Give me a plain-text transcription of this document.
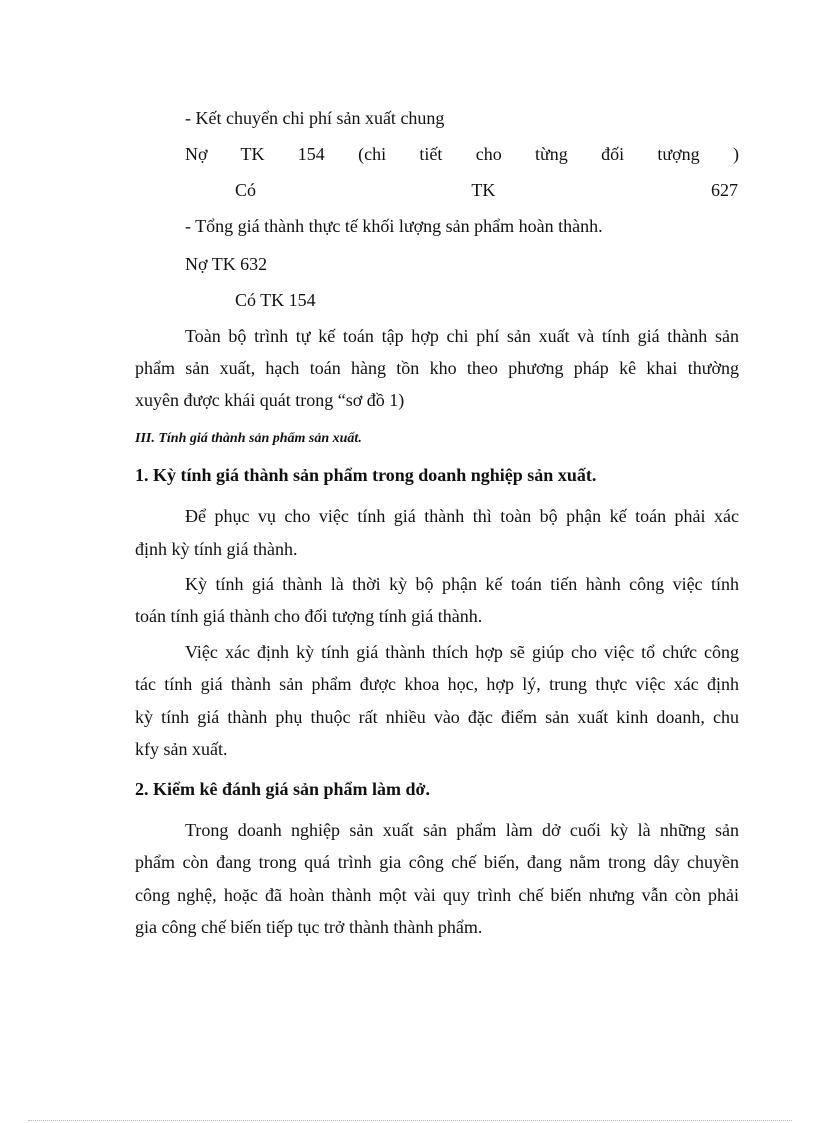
- Kết chuyển chi phí sản xuất chung
Nợ TK 154 (chi tiết cho từng đối tượng )
Có TK 627
- Tổng giá thành thực tế khối lượng sản phẩm hoàn thành.
Nợ TK 632
Có TK 154
Toàn bộ trình tự kế toán tập hợp chi phí sản xuất và tính giá thành sản
phẩm sản xuất, hạch toán hàng tồn kho theo phương pháp kê khai thường
xuyên được khái quát trong “sơ đồ 1)
III. Tính giá thành sản phẩm sản xuất.
1. Kỳ tính giá thành sản phẩm trong doanh nghiệp sản xuất.
Để phục vụ cho việc tính giá thành thì toàn bộ phận kế toán phải xác
định kỳ tính giá thành.
Kỳ tính giá thành là thời kỳ bộ phận kế toán tiến hành công việc tính
toán tính giá thành cho đối tượng tính giá thành.
Việc xác định kỳ tính giá thành thích hợp sẽ giúp cho việc tổ chức công
tác tính giá thành sản phẩm được khoa học, hợp lý, trung thực việc xác định
kỳ tính giá thành phụ thuộc rất nhiều vào đặc điểm sản xuất kinh doanh, chu
kfy sản xuất.
2. Kiểm kê đánh giá sản phẩm làm dở.
Trong doanh nghiệp sản xuất sản phẩm làm dở cuối kỳ là những sản
phẩm còn đang trong quá trình gia công chế biến, đang nằm trong dây chuyền
công nghệ, hoặc đã hoàn thành một vài quy trình chế biến nhưng vẫn còn phải
gia công chế biến tiếp tục trở thành thành phẩm.
